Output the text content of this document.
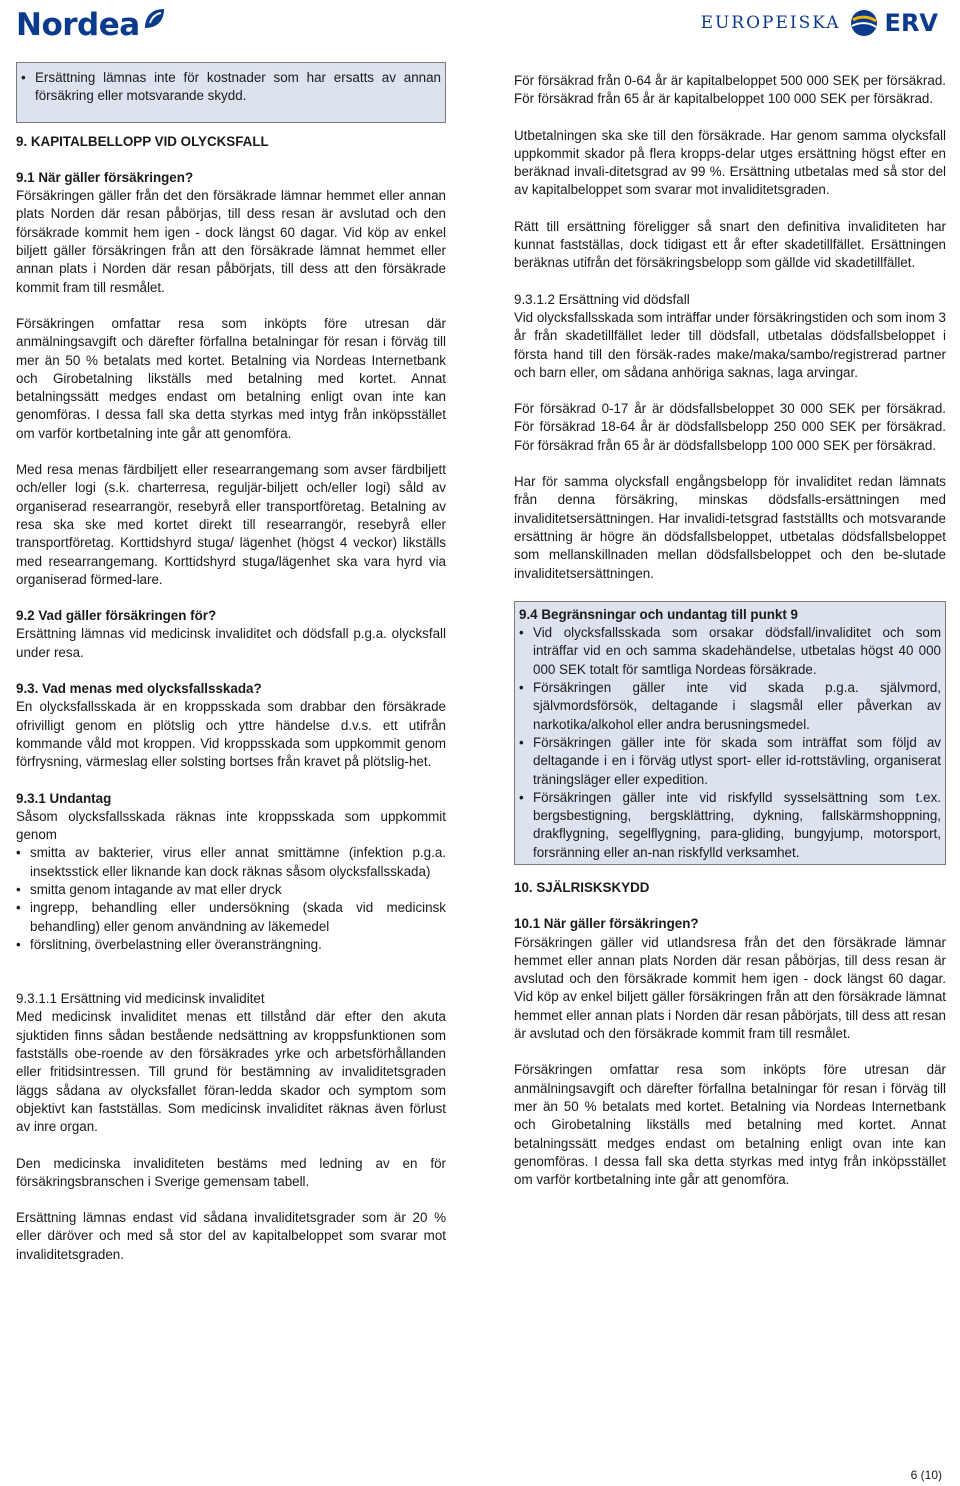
Nordea	EUROPEISKA ERV
• Ersättning lämnas inte för kostnader som har ersatts av annan försäkring eller motsvarande skydd.

9. KAPITALBELLOPP VID OLYCKSFALL

9.1 När gäller försäkringen?

Försäkringen gäller från det den försäkrade lämnar hemmet eller annan plats Norden där resan påbörjas, till dess resan är avslutad och den försäkrade kommit hem igen - dock längst 60 dagar. Vid köp av enkel biljett gäller försäkringen från att den försäkrade lämnat hemmet eller annan plats i Norden där resan påbörjats, till dess att den försäkrade kommit fram till resmålet.

Försäkringen omfattar resa som inköpts före utresan där anmälningsavgift och därefter förfallna betalningar för resan i förväg till mer än 50 % betalats med kortet. Betalning via Nordeas Internetbank och Girobetalning likställs med betalning med kortet. Annat betalningssätt medges endast om betalning enligt ovan inte kan genomföras. I dessa fall ska detta styrkas med intyg från inköpsstället om varför kortbetalning inte går att genomföra.

Med resa menas färdbiljett eller researrangemang som avser färdbiljett och/eller logi (s.k. charterresa, reguljär-biljett och/eller logi) såld av organiserad researrangör, resebyrå eller transportföretag. Betalning av resa ska ske med kortet direkt till researrangör, resebyrå eller transportföretag. Korttidshyrd stuga/ lägenhet (högst 4 veckor) likställs med researrangemang. Korttidshyrd stuga/lägenhet ska vara hyrd via organiserad förmed-lare.

9.2 Vad gäller försäkringen för?

Ersättning lämnas vid medicinsk invaliditet och dödsfall p.g.a. olycksfall under resa.

9.3. Vad menas med olycksfallsskada?

En olycksfallsskada är en kroppsskada som drabbar den försäkrade ofrivilligt genom en plötslig och yttre händelse d.v.s. ett utifrån kommande våld mot kroppen. Vid kroppsskada som uppkommit genom förfrysning, värmeslag eller solsting bortses från kravet på plötslig-het.

9.3.1 Undantag

Såsom olycksfallsskada räknas inte kroppsskada som uppkommit genom

• smitta av bakterier, virus eller annat smittämne (infektion p.g.a. insektsstick eller liknande kan dock räknas såsom olycksfallsskada)
• smitta genom intagande av mat eller dryck
• ingrepp, behandling eller undersökning (skada vid medicinsk behandling) eller genom användning av läkemedel
• förslitning, överbelastning eller överansträngning.

9.3.1.1 Ersättning vid medicinsk invaliditet

Med medicinsk invaliditet menas ett tillstånd där efter den akuta sjuktiden finns sådan bestående nedsättning av kroppsfunktionen som fastställs obe-roende av den försäkrades yrke och arbetsförhållanden eller fritidsintressen. Till grund för bestämning av invaliditetsgraden läggs sådana av olycksfallet föran-ledda skador och symptom som objektivt kan fastställas. Som medicinsk invaliditet räknas även förlust av inre organ.

Den medicinska invaliditeten bestäms med ledning av en för försäkringsbranschen i Sverige gemensam tabell.

Ersättning lämnas endast vid sådana invaliditetsgrader som är 20 % eller däröver och med så stor del av kapitalbeloppet som svarar mot invaliditetsgraden.

För försäkrad från 0-64 år är kapitalbeloppet 500 000 SEK per försäkrad. För försäkrad från 65 år är kapitalbeloppet 100 000 SEK per försäkrad.

Utbetalningen ska ske till den försäkrade. Har genom samma olycksfall uppkommit skador på flera kropps-delar utges ersättning högst efter en beräknad invali-ditetsgrad av 99 %. Ersättning utbetalas med så stor del av kapitalbeloppet som svarar mot invaliditetsgraden.

Rätt till ersättning föreligger så snart den definitiva invaliditeten har kunnat fastställas, dock tidigast ett år efter skadetillfället. Ersättningen beräknas utifrån det försäkringsbelopp som gällde vid skadetillfället.

9.3.1.2 Ersättning vid dödsfall

Vid olycksfallsskada som inträffar under försäkringstiden och som inom 3 år från skadetillfället leder till dödsfall, utbetalas dödsfallsbeloppet i första hand till den försäk-rades make/maka/sambo/registrerad partner och barn eller, om sådana anhöriga saknas, laga arvingar.

För försäkrad 0-17 år är dödsfallsbeloppet 30 000 SEK per försäkrad. För försäkrad 18-64 år är dödsfallsbelopp 250 000 SEK per försäkrad. För försäkrad från 65 år är dödsfallsbelopp 100 000 SEK per försäkrad.

Har för samma olycksfall engångsbelopp för invaliditet redan lämnats från denna försäkring, minskas dödsfalls-ersättningen med invaliditetsersättningen. Har invalidi-tetsgrad fastställts och motsvarande ersättning är högre än dödsfallsbeloppet, utbetalas dödsfallsbeloppet som mellanskillnaden mellan dödsfallsbeloppet och den be-slutade invaliditetsersättningen.

9.4 Begränsningar och undantag till punkt 9

• Vid olycksfallsskada som orsakar dödsfall/invaliditet och som inträffar vid en och samma skadehändelse, utbetalas högst 40 000 000 SEK totalt för samtliga Nordeas försäkrade.
• Försäkringen gäller inte vid skada p.g.a. självmord, självmordsförsök, deltagande i slagsmål eller påverkan av narkotika/alkohol eller andra berusningsmedel.
• Försäkringen gäller inte för skada som inträffat som följd av deltagande i en i förväg utlyst sport- eller id-rottstävling, organiserat träningsläger eller expedition.
• Försäkringen gäller inte vid riskfylld sysselsättning som t.ex. bergsbestigning, bergsklättring, dykning, fallskärmshoppning, drakflygning, segelflygning, para-gliding, bungyjump, motorsport, forsränning eller an-nan riskfylld verksamhet.

10. SJÄLRISKSKYDD

10.1 När gäller försäkringen?

Försäkringen gäller vid utlandsresa från det den försäkrade lämnar hemmet eller annan plats Norden där resan påbörjas, till dess resan är avslutad och den försäkrade kommit hem igen - dock längst 60 dagar. Vid köp av enkel biljett gäller försäkringen från att den försäkrade lämnat hemmet eller annan plats i Norden där resan påbörjats, till dess att resan är avslutad och den försäkrade kommit fram till resmålet.

Försäkringen omfattar resa som inköpts före utresan där anmälningsavgift och därefter förfallna betalningar för resan i förväg till mer än 50 % betalats med kortet. Betalning via Nordeas Internetbank och Girobetalning likställs med betalning med kortet. Annat betalningssätt medges endast om betalning enligt ovan inte kan genomföras. I dessa fall ska detta styrkas med intyg från inköpsstället om varför kortbetalning inte går att genomföra.

6 (10)
